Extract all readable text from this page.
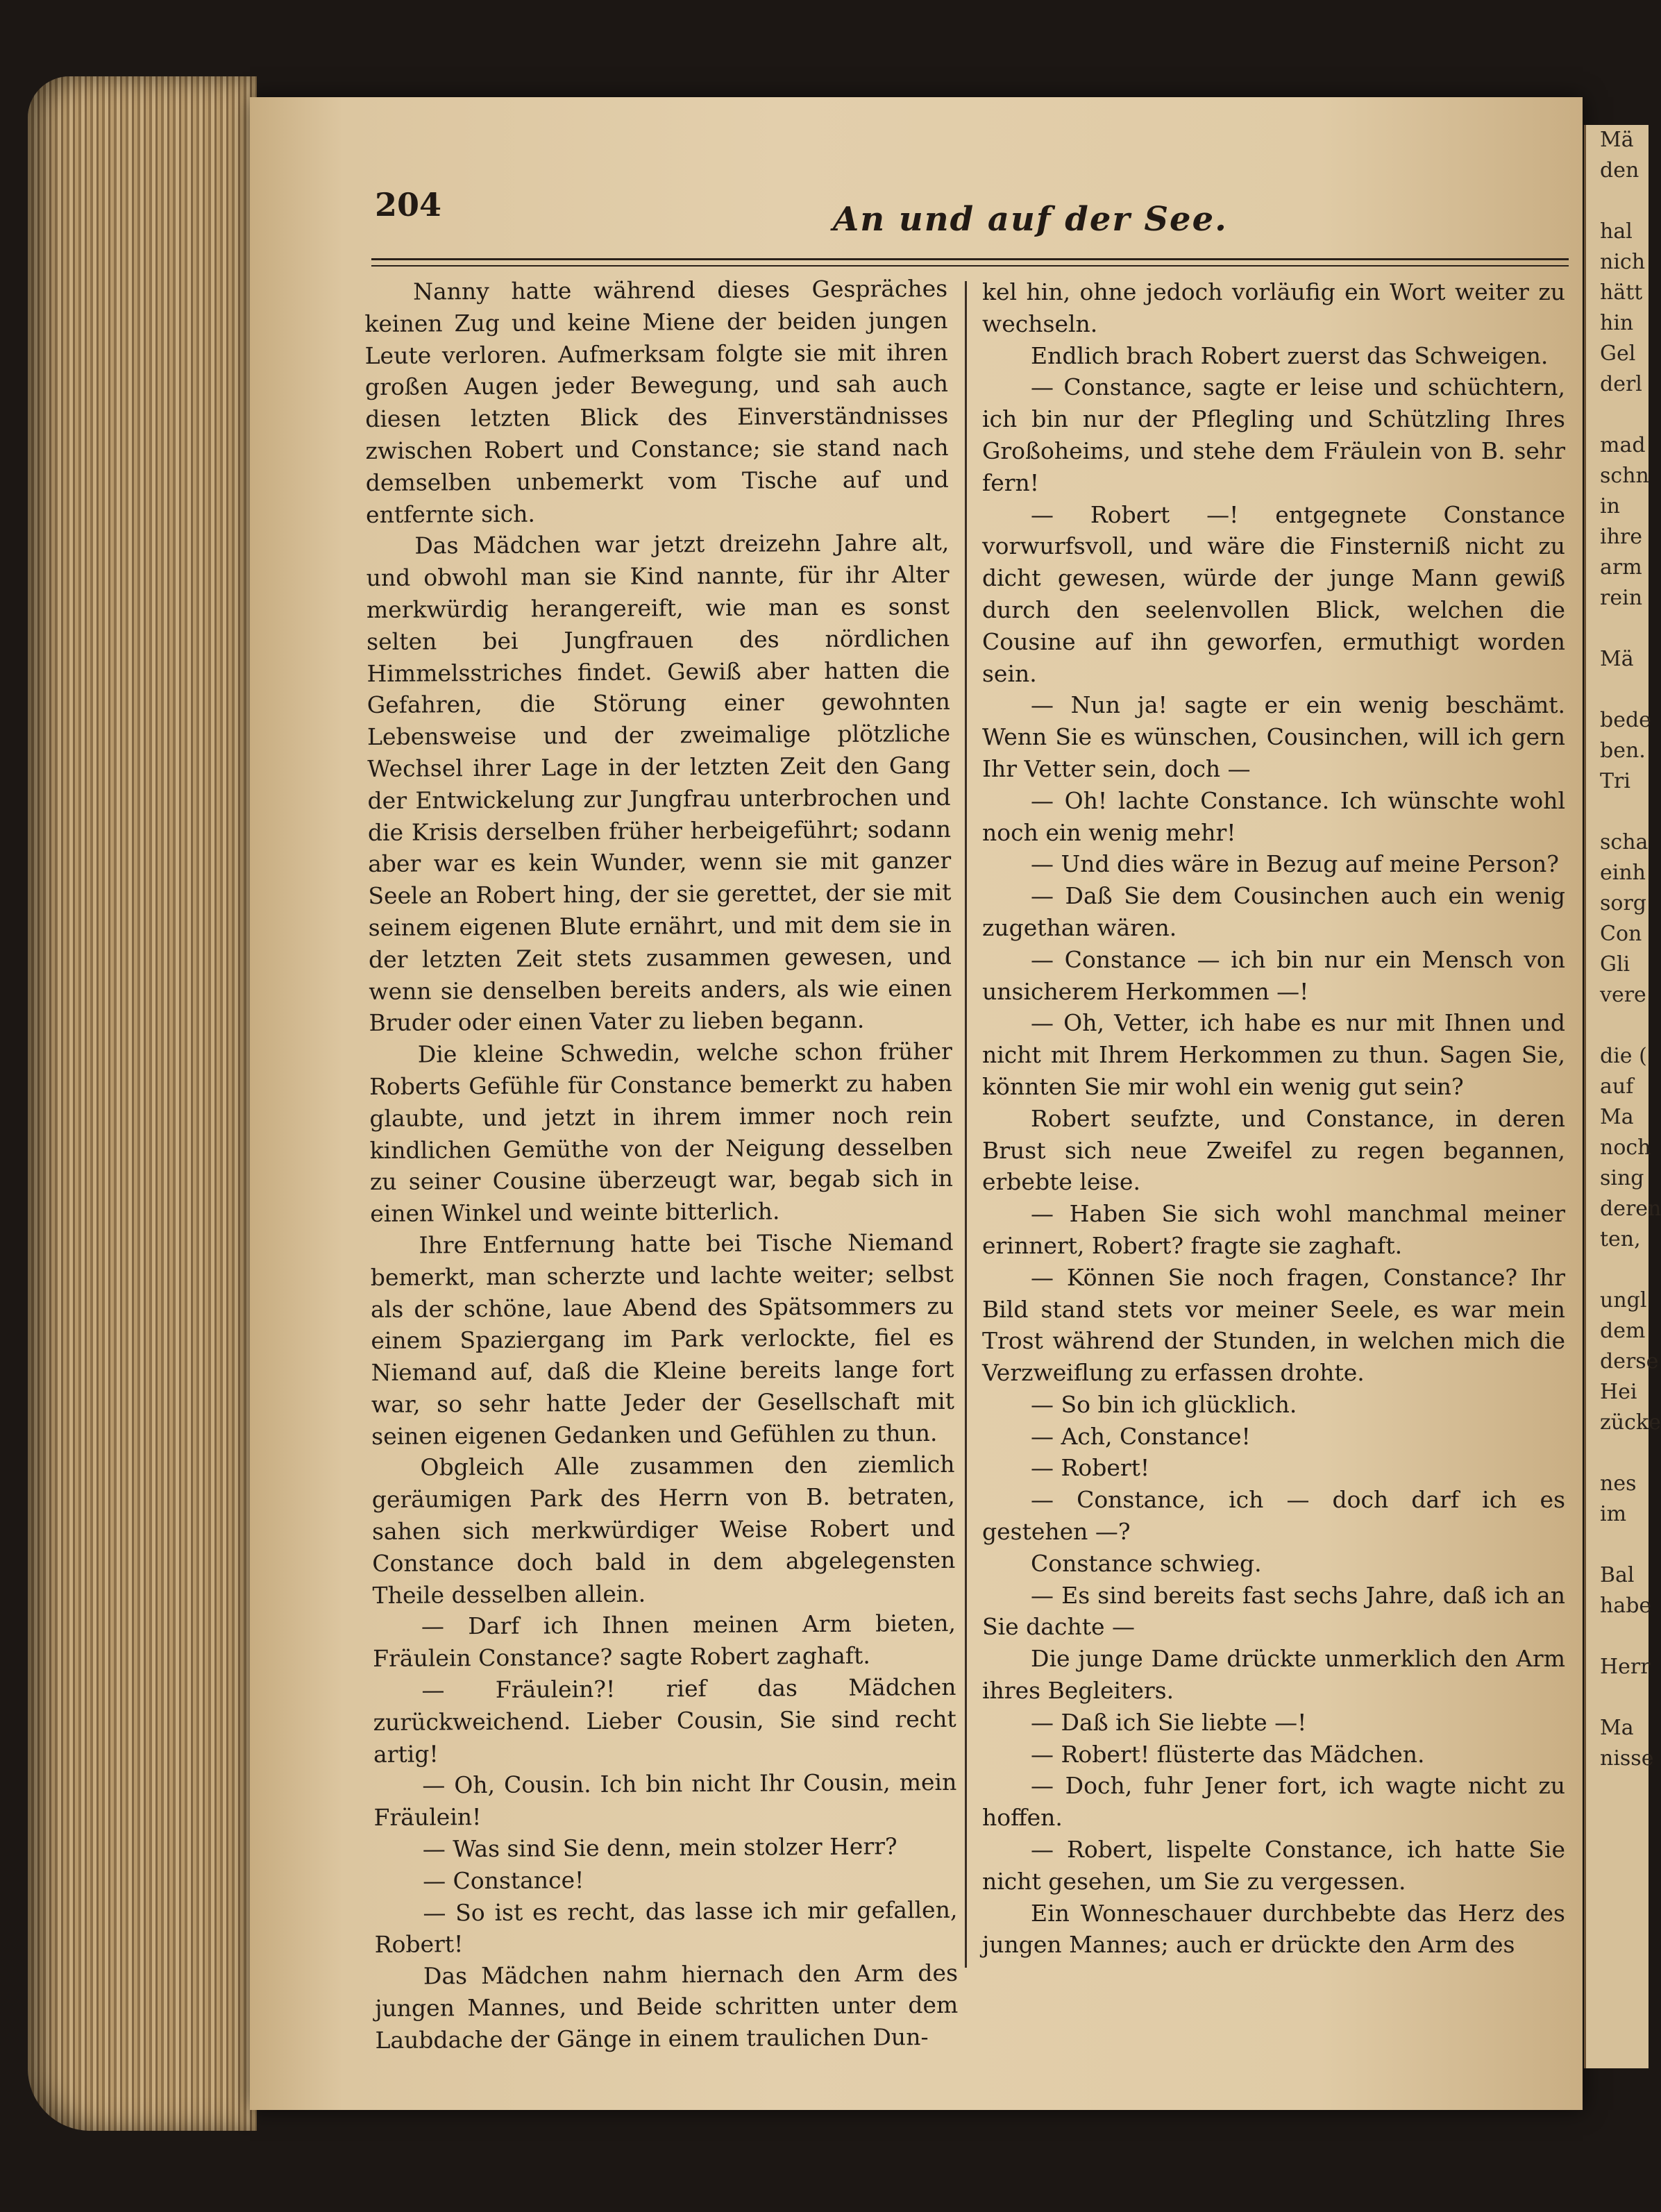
Mä
den

hal
nich
hätt
hin
Gel
derl

mad
schn
in
ihre
arm
rein

Mä

bede
ben.
Tri

scha
einh
sorg
Con
Gli
vere

die (
auf
Ma
noch
sing
deren
ten,

ungl
dem
derse
Hei
zücke

nes
im

Bal
habe

Herr

Ma
nisse
204	An und auf der See.

Nanny hatte während dieses Gespräches keinen Zug und keine Miene der beiden jungen Leute verloren. Aufmerksam folgte sie mit ihren großen Augen jeder Bewegung, und sah auch diesen letzten Blick des Einverständnisses zwischen Robert und Constance; sie stand nach demselben unbemerkt vom Tische auf und entfernte sich.

Das Mädchen war jetzt dreizehn Jahre alt, und obwohl man sie Kind nannte, für ihr Alter merkwürdig herangereift, wie man es sonst selten bei Jungfrauen des nördlichen Himmelsstriches findet. Gewiß aber hatten die Gefahren, die Störung einer gewohnten Lebensweise und der zweimalige plötzliche Wechsel ihrer Lage in der letzten Zeit den Gang der Entwickelung zur Jungfrau unterbrochen und die Krisis derselben früher herbeigeführt; sodann aber war es kein Wunder, wenn sie mit ganzer Seele an Robert hing, der sie gerettet, der sie mit seinem eigenen Blute ernährt, und mit dem sie in der letzten Zeit stets zusammen gewesen, und wenn sie denselben bereits anders, als wie einen Bruder oder einen Vater zu lieben begann.

Die kleine Schwedin, welche schon früher Roberts Gefühle für Constance bemerkt zu haben glaubte, und jetzt in ihrem immer noch rein kindlichen Gemüthe von der Neigung desselben zu seiner Cousine überzeugt war, begab sich in einen Winkel und weinte bitterlich.

Ihre Entfernung hatte bei Tische Niemand bemerkt, man scherzte und lachte weiter; selbst als der schöne, laue Abend des Spätsommers zu einem Spaziergang im Park verlockte, fiel es Niemand auf, daß die Kleine bereits lange fort war, so sehr hatte Jeder der Gesellschaft mit seinen eigenen Gedanken und Gefühlen zu thun.

Obgleich Alle zusammen den ziemlich geräumigen Park des Herrn von B. betraten, sahen sich merkwürdiger Weise Robert und Constance doch bald in dem abgelegensten Theile desselben allein.

— Darf ich Ihnen meinen Arm bieten, Fräulein Constance? sagte Robert zaghaft.

— Fräulein?! rief das Mädchen zurückweichend. Lieber Cousin, Sie sind recht artig!

— Oh, Cousin. Ich bin nicht Ihr Cousin, mein Fräulein!

— Was sind Sie denn, mein stolzer Herr?

— Constance!

— So ist es recht, das lasse ich mir gefallen, Robert!

Das Mädchen nahm hiernach den Arm des jungen Mannes, und Beide schritten unter dem Laubdache der Gänge in einem traulichen Dun-

kel hin, ohne jedoch vorläufig ein Wort weiter zu wechseln.

Endlich brach Robert zuerst das Schweigen.

— Constance, sagte er leise und schüchtern, ich bin nur der Pflegling und Schützling Ihres Großoheims, und stehe dem Fräulein von B. sehr fern!

— Robert —! entgegnete Constance vorwurfsvoll, und wäre die Finsterniß nicht zu dicht gewesen, würde der junge Mann gewiß durch den seelenvollen Blick, welchen die Cousine auf ihn geworfen, ermuthigt worden sein.

— Nun ja! sagte er ein wenig beschämt. Wenn Sie es wünschen, Cousinchen, will ich gern Ihr Vetter sein, doch —

— Oh! lachte Constance. Ich wünschte wohl noch ein wenig mehr!

— Und dies wäre in Bezug auf meine Person?

— Daß Sie dem Cousinchen auch ein wenig zugethan wären.

— Constance — ich bin nur ein Mensch von unsicherem Herkommen —!

— Oh, Vetter, ich habe es nur mit Ihnen und nicht mit Ihrem Herkommen zu thun. Sagen Sie, könnten Sie mir wohl ein wenig gut sein?

Robert seufzte, und Constance, in deren Brust sich neue Zweifel zu regen begannen, erbebte leise.

— Haben Sie sich wohl manchmal meiner erinnert, Robert? fragte sie zaghaft.

— Können Sie noch fragen, Constance? Ihr Bild stand stets vor meiner Seele, es war mein Trost während der Stunden, in welchen mich die Verzweiflung zu erfassen drohte.

— So bin ich glücklich.

— Ach, Constance!

— Robert!

— Constance, ich — doch darf ich es gestehen —?

Constance schwieg.

— Es sind bereits fast sechs Jahre, daß ich an Sie dachte —

Die junge Dame drückte unmerklich den Arm ihres Begleiters.

— Daß ich Sie liebte —!

— Robert! flüsterte das Mädchen.

— Doch, fuhr Jener fort, ich wagte nicht zu hoffen.

— Robert, lispelte Constance, ich hatte Sie nicht gesehen, um Sie zu vergessen.

Ein Wonneschauer durchbebte das Herz des jungen Mannes; auch er drückte den Arm des
